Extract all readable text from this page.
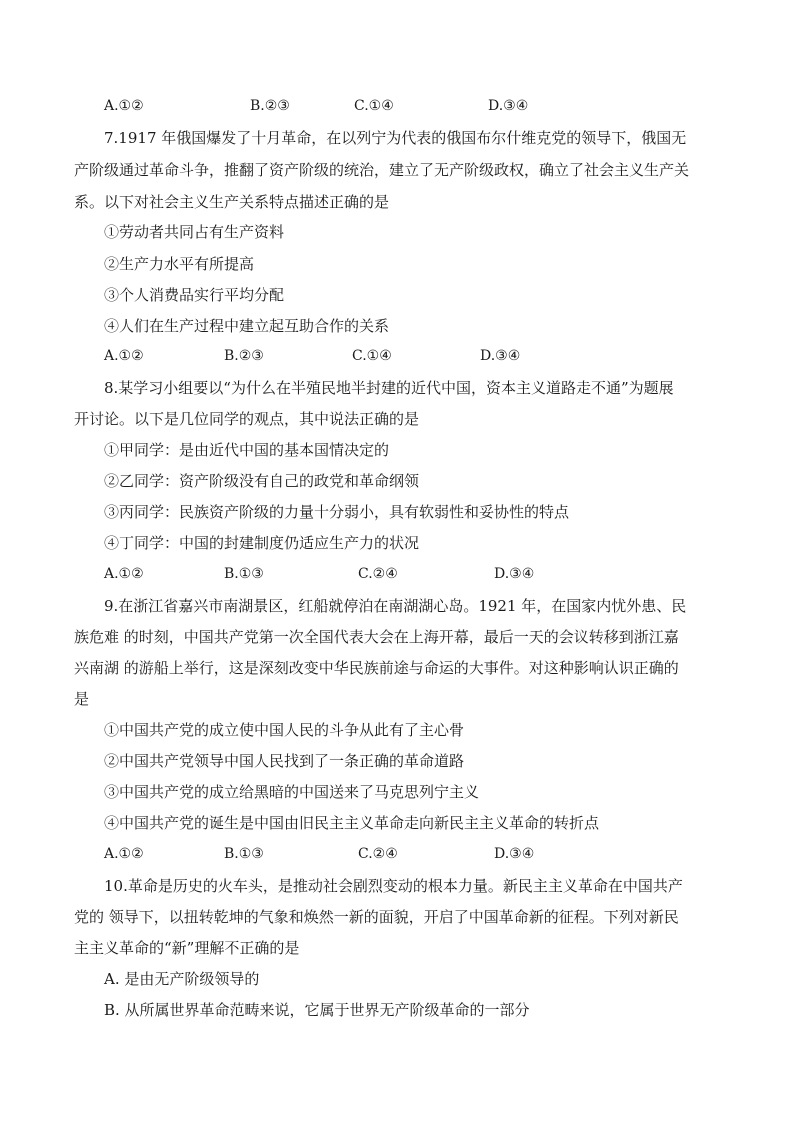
A.①②	B.②③	C.①④	D.③④
7.1917 年俄国爆发了十月革命，在以列宁为代表的俄国布尔什维克党的领导下，俄国无
产阶级通过革命斗争，推翻了资产阶级的统治，建立了无产阶级政权，确立了社会主义生产关
系。以下对社会主义生产关系特点描述正确的是
①劳动者共同占有生产资料
②生产力水平有所提高
③个人消费品实行平均分配
④人们在生产过程中建立起互助合作的关系
A.①②	B.②③	C.①④	D.③④
8.某学习小组要以“为什么在半殖民地半封建的近代中国，资本主义道路走不通”为题展
开讨论。以下是几位同学的观点，其中说法正确的是
①甲同学：是由近代中国的基本国情决定的
②乙同学：资产阶级没有自己的政党和革命纲领
③丙同学：民族资产阶级的力量十分弱小，具有软弱性和妥协性的特点
④丁同学：中国的封建制度仍适应生产力的状况
A.①②	B.①③	C.②④	D.③④
9.在浙江省嘉兴市南湖景区，红船就停泊在南湖湖心岛。1921 年，在国家内忧外患、民
族危难 的时刻，中国共产党第一次全国代表大会在上海开幕，最后一天的会议转移到浙江嘉
兴南湖 的游船上举行，这是深刻改变中华民族前途与命运的大事件。对这种影响认识正确的
是
①中国共产党的成立使中国人民的斗争从此有了主心骨
②中国共产党领导中国人民找到了一条正确的革命道路
③中国共产党的成立给黑暗的中国送来了马克思列宁主义
④中国共产党的诞生是中国由旧民主主义革命走向新民主主义革命的转折点
A.①②	B.①③	C.②④	D.③④
10.革命是历史的火车头，是推动社会剧烈变动的根本力量。新民主主义革命在中国共产
党的 领导下，以扭转乾坤的气象和焕然一新的面貌，开启了中国革命新的征程。下列对新民
主主义革命的“新”理解不正确的是
A. 是由无产阶级领导的
B. 从所属世界革命范畴来说，它属于世界无产阶级革命的一部分
